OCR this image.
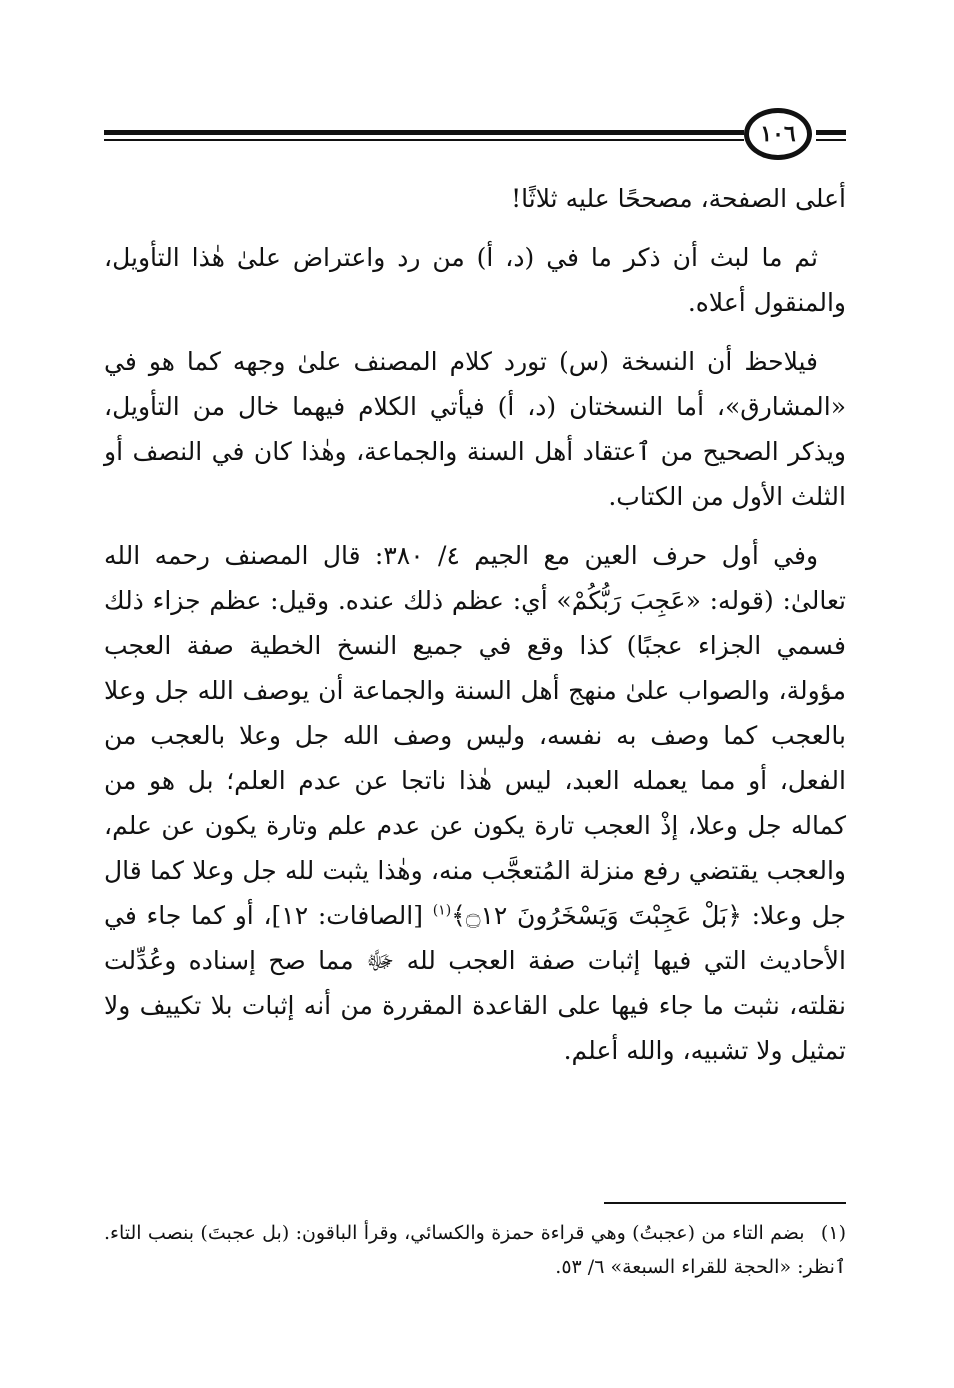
١٠٦

أعلى الصفحة، مصححًا عليه ثلاثًا!

ثم ما لبث أن ذكر ما في (د، أ) من رد واعتراض علىٰ هٰذا التأويل، والمنقول أعلاه.

فيلاحظ أن النسخة (س) تورد كلام المصنف علىٰ وجهه كما هو في «المشارق»، أما النسختان (د، أ) فيأتي الكلام فيهما خال من التأويل، ويذكر الصحيح من ٱعتقاد أهل السنة والجماعة، وهٰذا كان في النصف أو الثلث الأول من الكتاب.

وفي أول حرف العين مع الجيم ٤/ ٣٨٠: قال المصنف رحمه الله تعالىٰ: (قوله: «عَجِبَ رَبُّكُمْ» أي: عظم ذلك عنده. وقيل: عظم جزاء ذلك فسمي الجزاء عجبًا) كذا وقع في جميع النسخ الخطية صفة العجب مؤولة، والصواب علىٰ منهج أهل السنة والجماعة أن يوصف الله جل وعلا بالعجب كما وصف به نفسه، وليس وصف الله جل وعلا بالعجب من الفعل، أو مما يعمله العبد، ليس هٰذا ناتجا عن عدم العلم؛ بل هو من كماله جل وعلا، إذْ العجب تارة يكون عن عدم علم وتارة يكون عن علم، والعجب يقتضي رفع منزلة المُتعجَّب منه، وهٰذا يثبت لله جل وعلا كما قال جل وعلا: ﴿بَلْ عَجِبْتَ وَيَسْخَرُونَ ۝١٢﴾$^{(١)}$ [الصافات: ١٢]، أو كما جاء في الأحاديث التي فيها إثبات صفة العجب لله ﷻ مما صح إسناده وعُدِّلت نقلته، نثبت ما جاء فيها على القاعدة المقررة من أنه إثبات بلا تكييف ولا تمثيل ولا تشبيه، والله أعلم.

(١) بضم التاء من (عجبتُ) وهي قراءة حمزة والكسائي، وقرأ الباقون: (بل عجبتَ) بنصب التاء. ٱنظر: «الحجة للقراء السبعة» ٦/ ٥٣.
